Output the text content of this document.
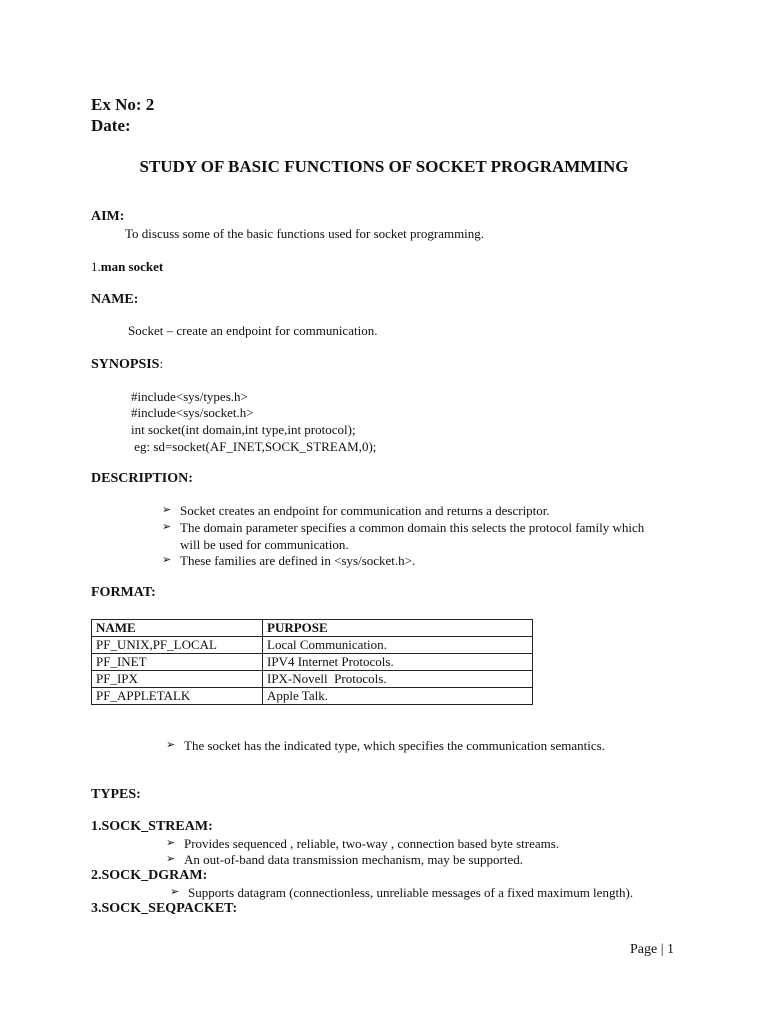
Ex No: 2
Date:
STUDY OF BASIC FUNCTIONS OF SOCKET PROGRAMMING
AIM:
To discuss some of the basic functions used for socket programming.
1.man socket
NAME:
Socket – create an endpoint for communication.
SYNOPSIS:
#include<sys/types.h>
#include<sys/socket.h>
int socket(int domain,int type,int protocol);
eg: sd=socket(AF_INET,SOCK_STREAM,0);
DESCRIPTION:
➢ Socket creates an endpoint for communication and returns a descriptor.
➢ The domain parameter specifies a common domain this selects the protocol family which
will be used for communication.
➢ These families are defined in <sys/socket.h>.
FORMAT:
NAME	PURPOSE
PF_UNIX,PF_LOCAL	Local Communication.
PF_INET	IPV4 Internet Protocols.
PF_IPX	IPX-Novell  Protocols.
PF_APPLETALK	Apple Talk.
➢ The socket has the indicated type, which specifies the communication semantics.
TYPES:
1.SOCK_STREAM:
➢ Provides sequenced , reliable, two-way , connection based byte streams.
➢ An out-of-band data transmission mechanism, may be supported.
2.SOCK_DGRAM:
➢ Supports datagram (connectionless, unreliable messages of a fixed maximum length).
3.SOCK_SEQPACKET:
Page | 1
